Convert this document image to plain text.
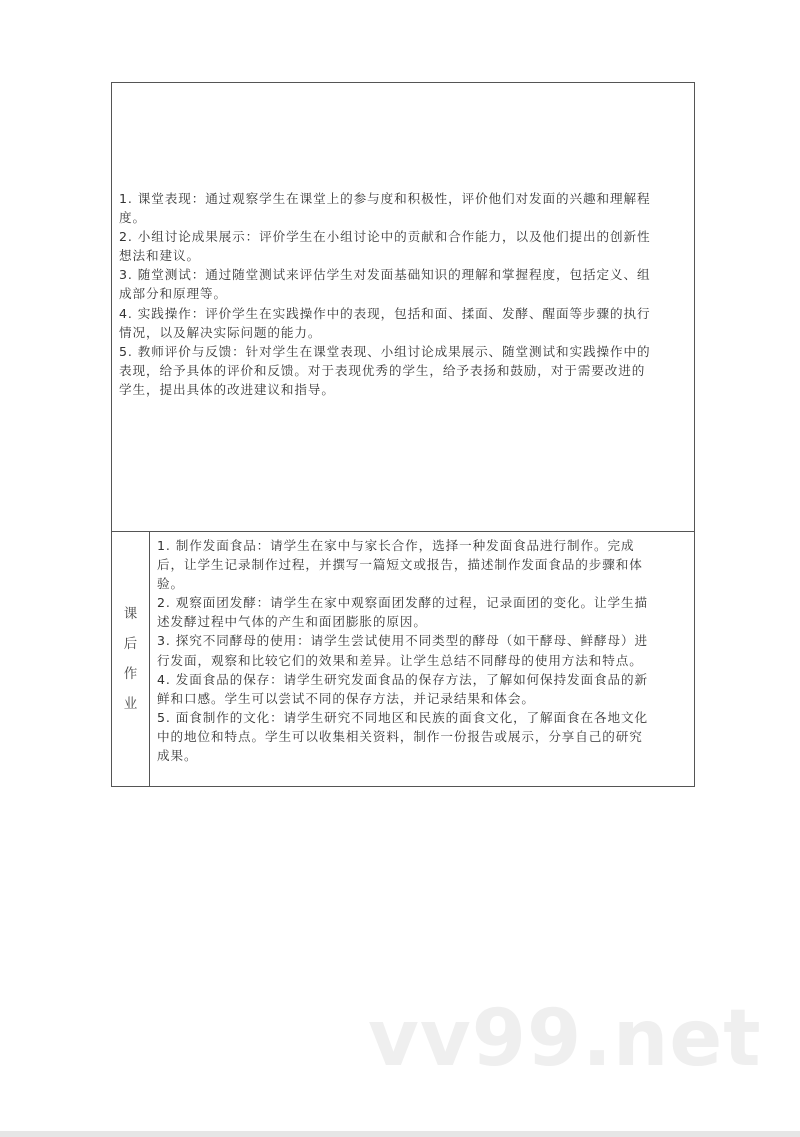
1. 课堂表现：通过观察学生在课堂上的参与度和积极性，评价他们对发面的兴趣和理解程
度。
2. 小组讨论成果展示：评价学生在小组讨论中的贡献和合作能力，以及他们提出的创新性
想法和建议。
3. 随堂测试：通过随堂测试来评估学生对发面基础知识的理解和掌握程度，包括定义、组
成部分和原理等。
4. 实践操作：评价学生在实践操作中的表现，包括和面、揉面、发酵、醒面等步骤的执行
情况，以及解决实际问题的能力。
5. 教师评价与反馈：针对学生在课堂表现、小组讨论成果展示、随堂测试和实践操作中的
表现，给予具体的评价和反馈。对于表现优秀的学生，给予表扬和鼓励，对于需要改进的
学生，提出具体的改进建议和指导。

课
后
作
业

1. 制作发面食品：请学生在家中与家长合作，选择一种发面食品进行制作。完成
后，让学生记录制作过程，并撰写一篇短文或报告，描述制作发面食品的步骤和体
验。
2. 观察面团发酵：请学生在家中观察面团发酵的过程，记录面团的变化。让学生描
述发酵过程中气体的产生和面团膨胀的原因。
3. 探究不同酵母的使用：请学生尝试使用不同类型的酵母（如干酵母、鲜酵母）进
行发面，观察和比较它们的效果和差异。让学生总结不同酵母的使用方法和特点。
4. 发面食品的保存：请学生研究发面食品的保存方法，了解如何保持发面食品的新
鲜和口感。学生可以尝试不同的保存方法，并记录结果和体会。
5. 面食制作的文化：请学生研究不同地区和民族的面食文化，了解面食在各地文化
中的地位和特点。学生可以收集相关资料，制作一份报告或展示，分享自己的研究
成果。
vv99.net
